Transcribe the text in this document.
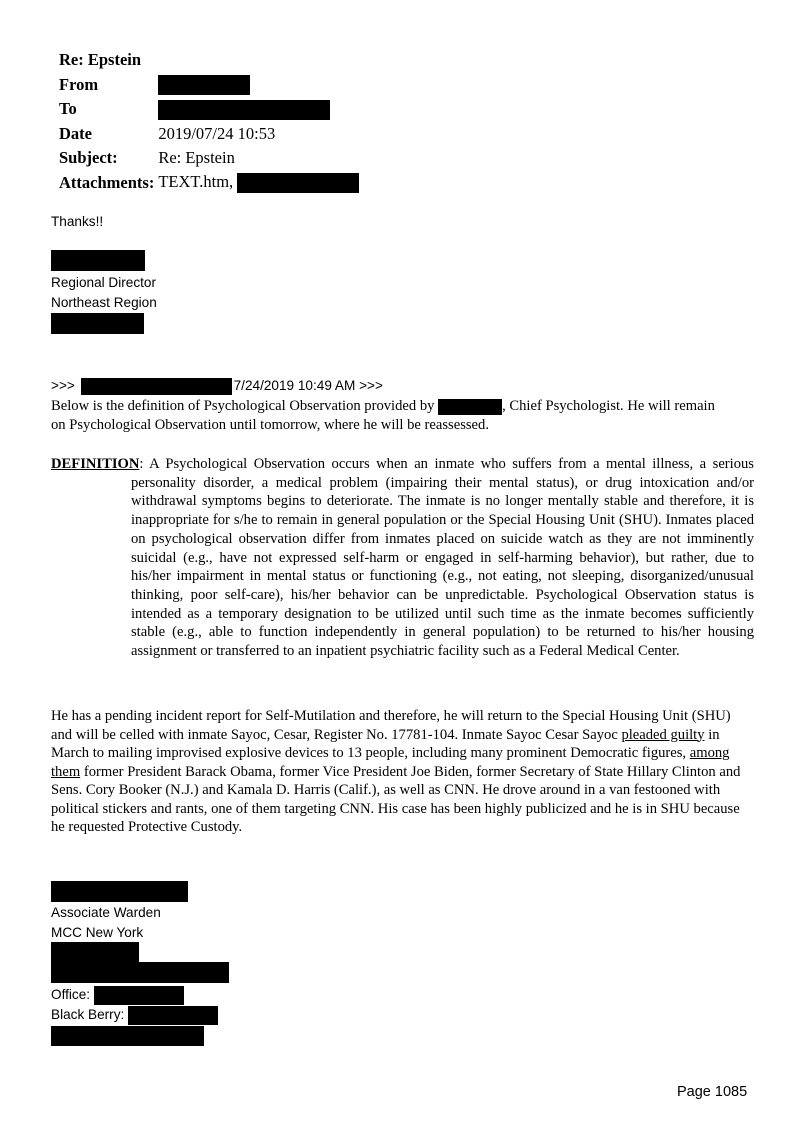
Re: Epstein	
From	
To	
Date	2019/07/24 10:53
Subject:	Re: Epstein
Attachments:	TEXT.htm,
Thanks!!
Regional Director
Northeast Region
>>>	7/24/2019 10:49 AM >>>
Below is the definition of Psychological Observation provided by	, Chief Psychologist. He will remain on Psychological Observation until tomorrow, where he will be reassessed.
DEFINITION: A Psychological Observation occurs when an inmate who suffers from a mental illness, a serious personality disorder, a medical problem (impairing their mental status), or drug intoxication and/or withdrawal symptoms begins to deteriorate. The inmate is no longer mentally stable and therefore, it is inappropriate for s/he to remain in general population or the Special Housing Unit (SHU). Inmates placed on psychological observation differ from inmates placed on suicide watch as they are not imminently suicidal (e.g., have not expressed self-harm or engaged in self-harming behavior), but rather, due to his/her impairment in mental status or functioning (e.g., not eating, not sleeping, disorganized/unusual thinking, poor self-care), his/her behavior can be unpredictable. Psychological Observation status is intended as a temporary designation to be utilized until such time as the inmate becomes sufficiently stable (e.g., able to function independently in general population) to be returned to his/her housing assignment or transferred to an inpatient psychiatric facility such as a Federal Medical Center.
He has a pending incident report for Self-Mutilation and therefore, he will return to the Special Housing Unit (SHU) and will be celled with inmate Sayoc, Cesar, Register No. 17781-104. Inmate Sayoc Cesar Sayoc pleaded guilty in March to mailing improvised explosive devices to 13 people, including many prominent Democratic figures, among them former President Barack Obama, former Vice President Joe Biden, former Secretary of State Hillary Clinton and Sens. Cory Booker (N.J.) and Kamala D. Harris (Calif.), as well as CNN. He drove around in a van festooned with political stickers and rants, one of them targeting CNN. His case has been highly publicized and he is in SHU because he requested Protective Custody.
Associate Warden
MCC New York
Office:
Black Berry:
Page 1085
